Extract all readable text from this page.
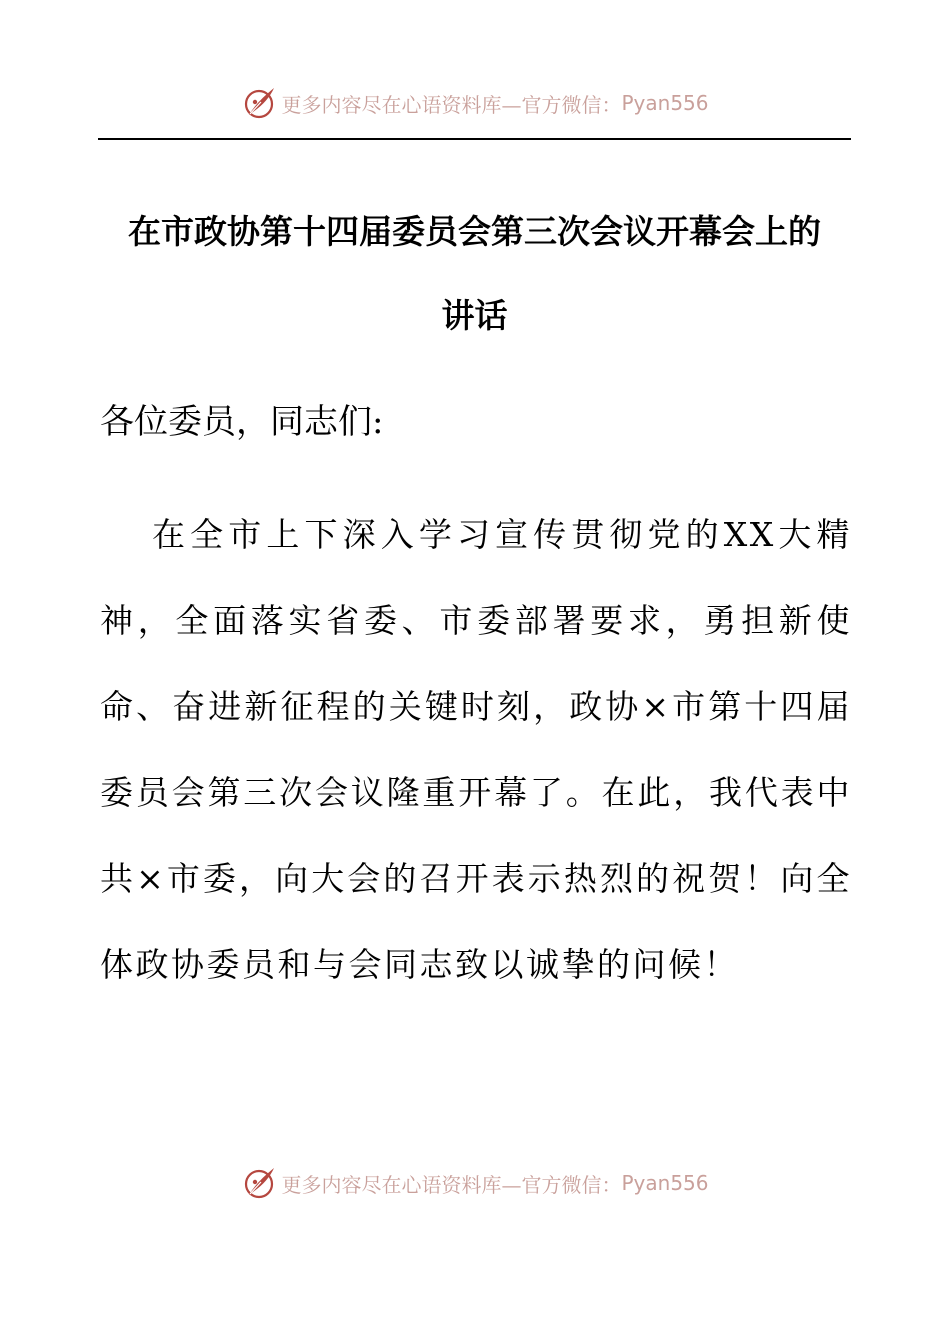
更多内容尽在心语资料库—官方微信： Pyan556
在市政协第十四届委员会第三次会议开幕会上的
讲话
各位委员，同志们:

在全市上下深入学习宣传贯彻党的XX大精神，全面落实省委、市委部署要求，勇担新使命、奋进新征程的关键时刻，政协×市第十四届委员会第三次会议隆重开幕了。在此，我代表中共×市委，向大会的召开表示热烈的祝贺！向全体政协委员和与会同志致以诚挚的问候！

更多内容尽在心语资料库—官方微信： Pyan556
